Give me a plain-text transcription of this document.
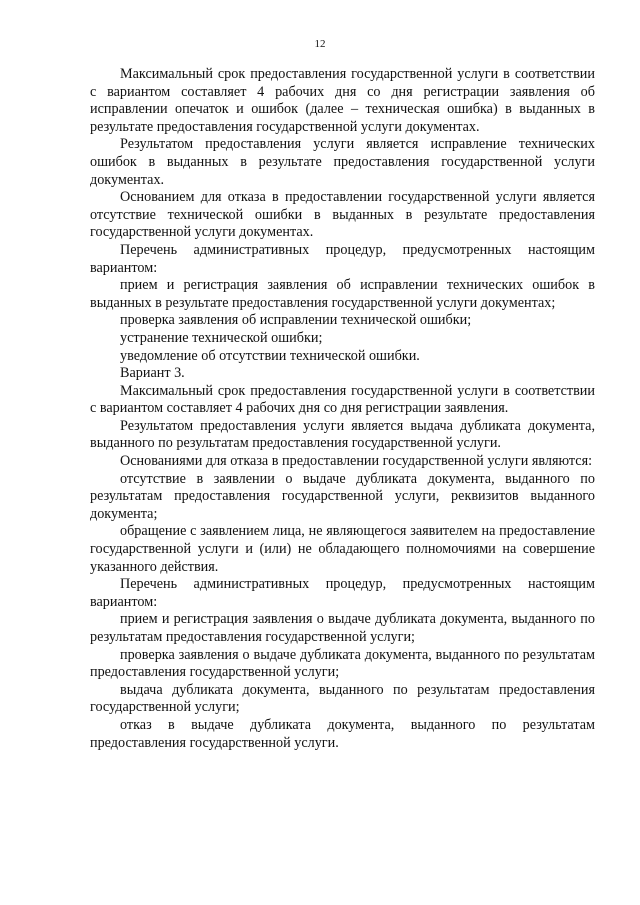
12

Максимальный срок предоставления государственной услуги в соответствии с вариантом составляет 4 рабочих дня со дня регистрации заявления об исправлении опечаток и ошибок (далее – техническая ошибка) в выданных в результате предоставления государственной услуги документах.

Результатом предоставления услуги является исправление технических ошибок в выданных в результате предоставления государственной услуги документах.

Основанием для отказа в предоставлении государственной услуги является отсутствие технической ошибки в выданных в результате предоставления государственной услуги документах.

Перечень административных процедур, предусмотренных настоящим вариантом:

прием и регистрация заявления об исправлении технических ошибок в выданных в результате предоставления государственной услуги документах;

проверка заявления об исправлении технической ошибки;

устранение технической ошибки;

уведомление об отсутствии технической ошибки.

Вариант 3.

Максимальный срок предоставления государственной услуги в соответствии с вариантом составляет 4 рабочих дня со дня регистрации заявления.

Результатом предоставления услуги является выдача дубликата документа, выданного по результатам предоставления государственной услуги.

Основаниями для отказа в предоставлении государственной услуги являются:

отсутствие в заявлении о выдаче дубликата документа, выданного по результатам предоставления государственной услуги, реквизитов выданного документа;

обращение с заявлением лица, не являющегося заявителем на предоставление государственной услуги и (или) не обладающего полномочиями на совершение указанного действия.

Перечень административных процедур, предусмотренных настоящим вариантом:

прием и регистрация заявления о выдаче дубликата документа, выданного по результатам предоставления государственной услуги;

проверка заявления о выдаче дубликата документа, выданного по результатам предоставления государственной услуги;

выдача дубликата документа, выданного по результатам предоставления государственной услуги;

отказ в выдаче дубликата документа, выданного по результатам предоставления государственной услуги.
